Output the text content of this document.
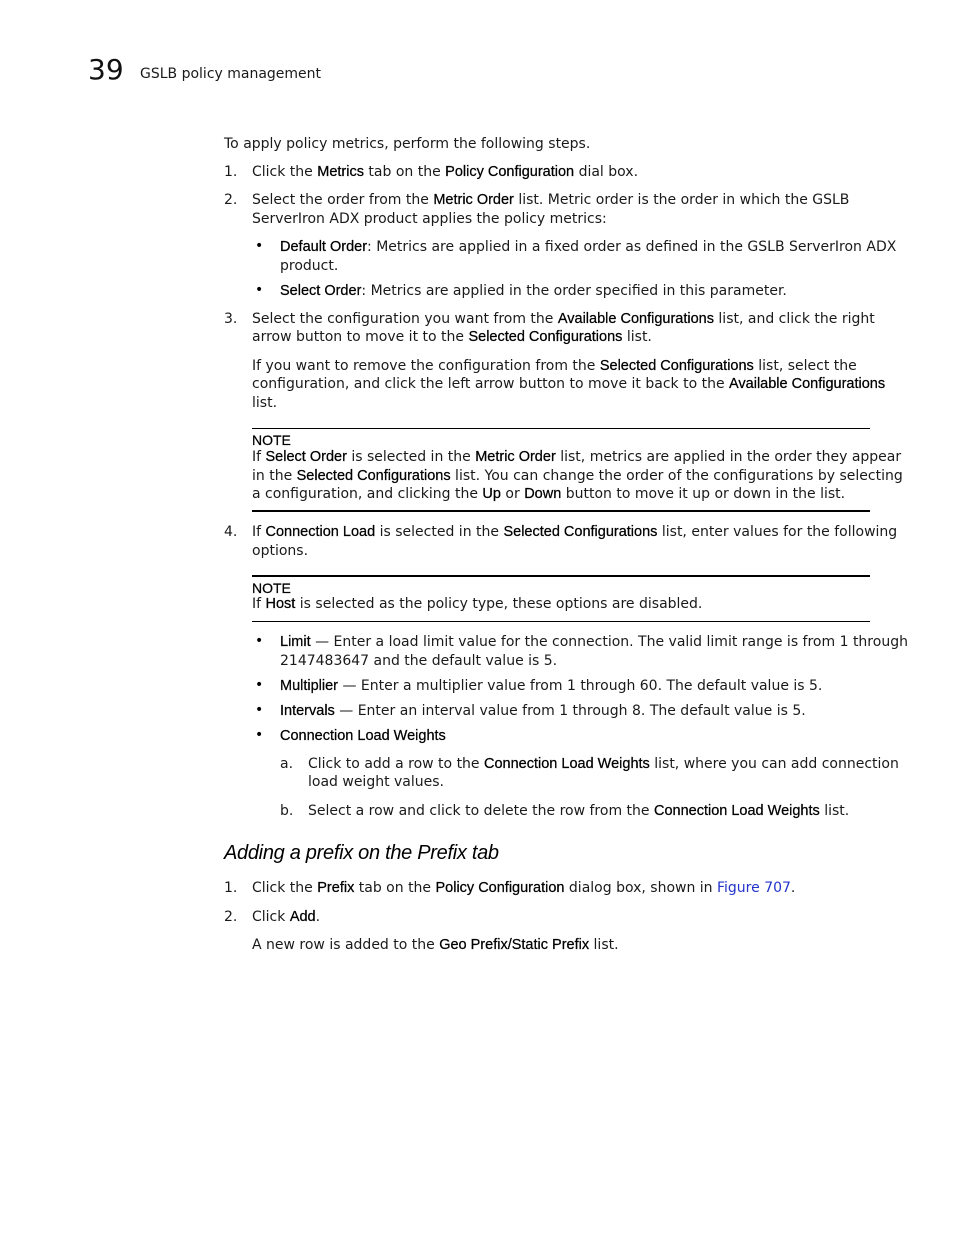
39 GSLB policy management

To apply policy metrics, perform the following steps.

1. Click the Metrics tab on the Policy Configuration dial box.

2. Select the order from the Metric Order list. Metric order is the order in which the GSLB

ServerIron ADX product applies the policy metrics:

• Default Order: Metrics are applied in a fixed order as defined in the GSLB ServerIron ADX

product.

• Select Order: Metrics are applied in the order specified in this parameter.

3. Select the configuration you want from the Available Configurations list, and click the right

arrow button to move it to the Selected Configurations list.

If you want to remove the configuration from the Selected Configurations list, select the

configuration, and click the left arrow button to move it back to the Available Configurations

list.

NOTE

If Select Order is selected in the Metric Order list, metrics are applied in the order they appear

in the Selected Configurations list. You can change the order of the configurations by selecting

a configuration, and clicking the Up or Down button to move it up or down in the list.

4. If Connection Load is selected in the Selected Configurations list, enter values for the following

options.

NOTE

If Host is selected as the policy type, these options are disabled.

• Limit — Enter a load limit value for the connection. The valid limit range is from 1 through

2147483647 and the default value is 5.

• Multiplier — Enter a multiplier value from 1 through 60. The default value is 5.

• Intervals — Enter an interval value from 1 through 8. The default value is 5.

• Connection Load Weights

a. Click to add a row to the Connection Load Weights list, where you can add connection

load weight values.

b. Select a row and click to delete the row from the Connection Load Weights list.

Adding a prefix on the Prefix tab
1. Click the Prefix tab on the Policy Configuration dialog box, shown in Figure 707.

2. Click Add.

A new row is added to the Geo Prefix/Static Prefix list.
